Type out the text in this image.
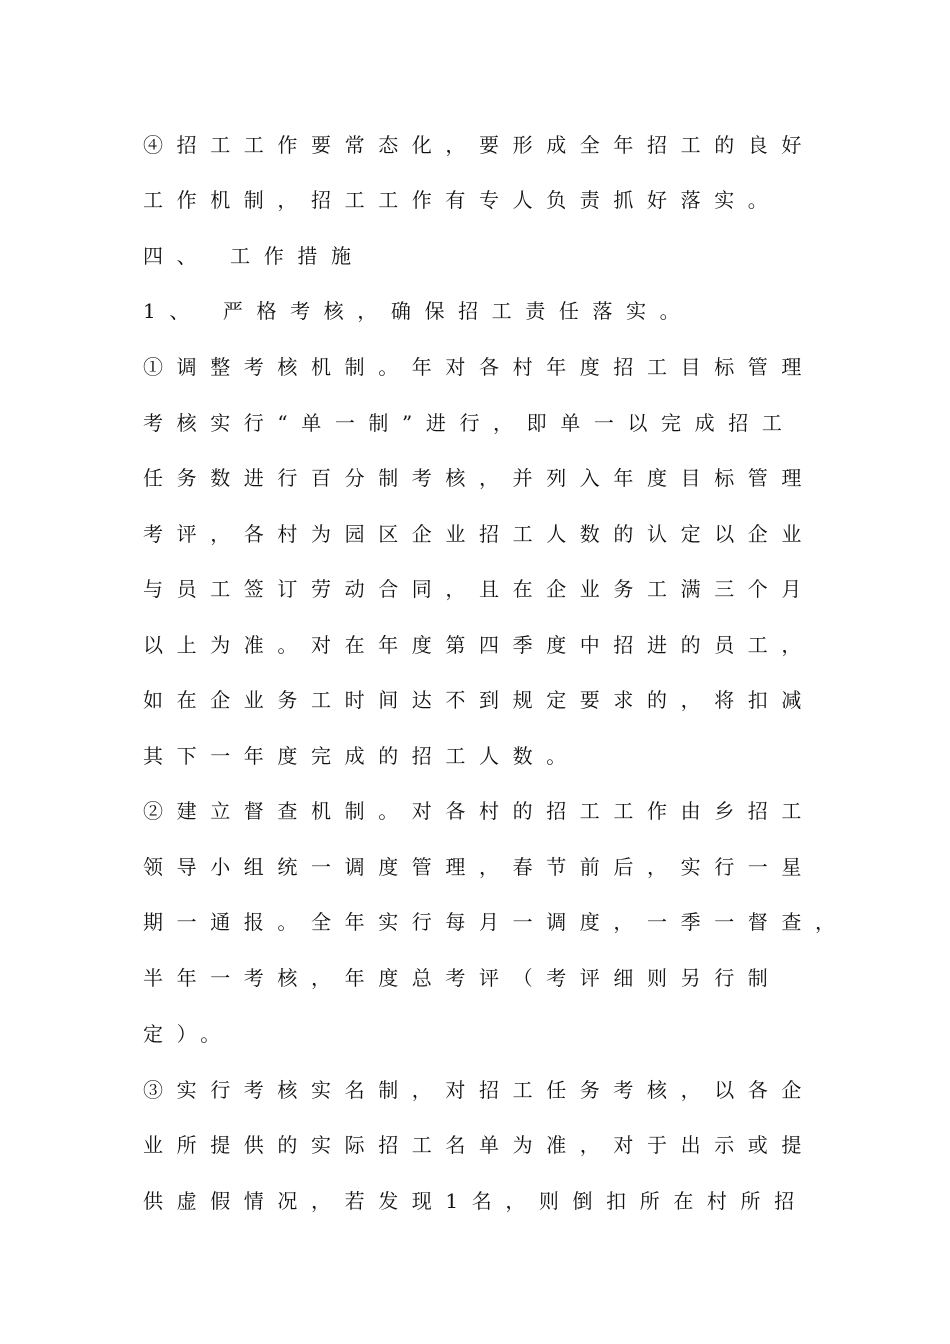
④招工工作要常态化，要形成全年招工的良好
工作机制，招工工作有专人负责抓好落实。
四、 工作措施
1、 严格考核，确保招工责任落实。
①调整考核机制。年对各村年度招工目标管理
考核实行“单一制”进行，即单一以完成招工
任务数进行百分制考核，并列入年度目标管理
考评，各村为园区企业招工人数的认定以企业
与员工签订劳动合同，且在企业务工满三个月
以上为准。对在年度第四季度中招进的员工，
如在企业务工时间达不到规定要求的，将扣减
其下一年度完成的招工人数。
②建立督查机制。对各村的招工工作由乡招工
领导小组统一调度管理，春节前后，实行一星
期一通报。全年实行每月一调度，一季一督查，
半年一考核，年度总考评（考评细则另行制
定）。
③实行考核实名制，对招工任务考核，以各企
业所提供的实际招工名单为准，对于出示或提
供虚假情况，若发现1名，则倒扣所在村所招
